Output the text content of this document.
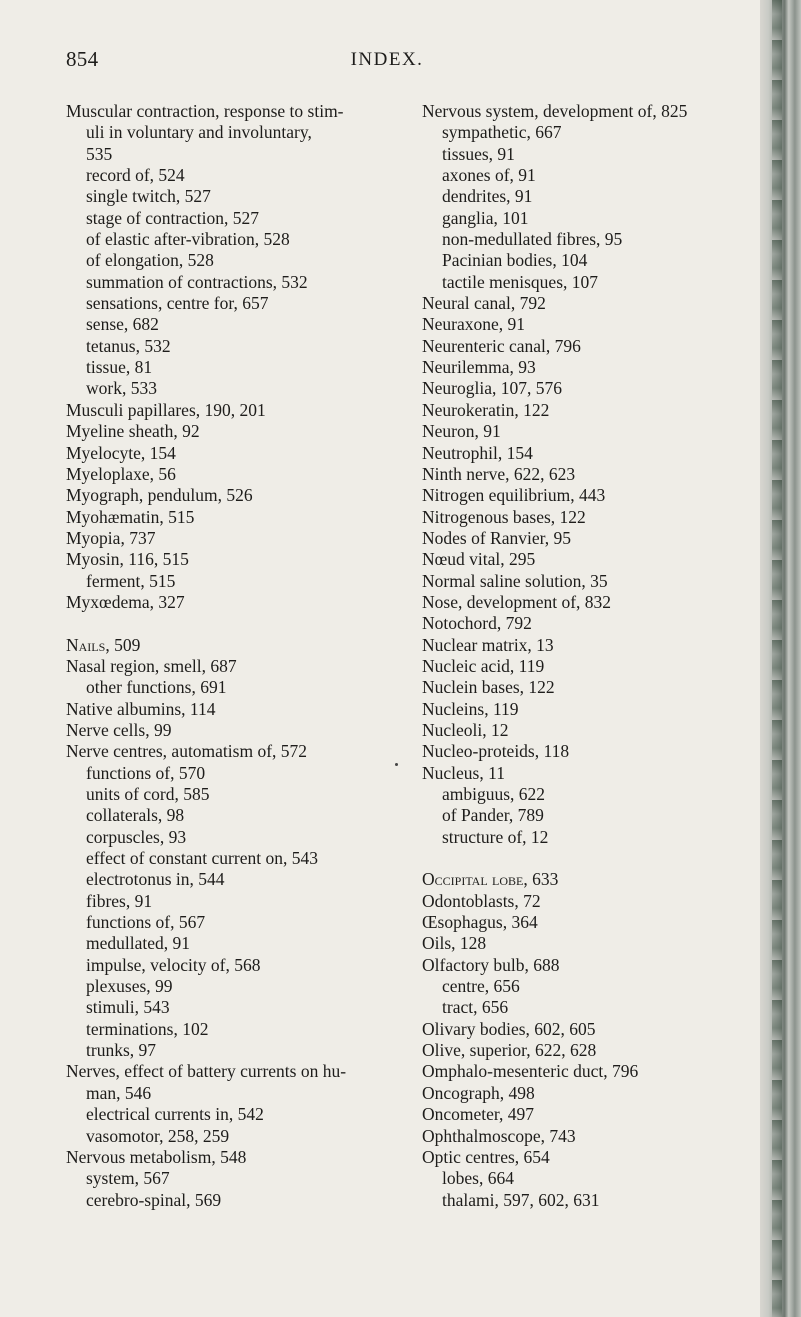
854	INDEX.
Muscular contraction, response to stim-
uli in voluntary and involuntary,
535
record of, 524
single twitch, 527
stage of contraction, 527
of elastic after-vibration, 528
of elongation, 528
summation of contractions, 532
sensations, centre for, 657
sense, 682
tetanus, 532
tissue, 81
work, 533
Musculi papillares, 190, 201
Myeline sheath, 92
Myelocyte, 154
Myeloplaxe, 56
Myograph, pendulum, 526
Myohæmatin, 515
Myopia, 737
Myosin, 116, 515
ferment, 515
Myxœdema, 327
Nails, 509
Nasal region, smell, 687
other functions, 691
Native albumins, 114
Nerve cells, 99
Nerve centres, automatism of, 572
functions of, 570
units of cord, 585
collaterals, 98
corpuscles, 93
effect of constant current on, 543
electrotonus in, 544
fibres, 91
functions of, 567
medullated, 91
impulse, velocity of, 568
plexuses, 99
stimuli, 543
terminations, 102
trunks, 97
Nerves, effect of battery currents on hu-
man, 546
electrical currents in, 542
vasomotor, 258, 259
Nervous metabolism, 548
system, 567
cerebro-spinal, 569
Nervous system, development of, 825
sympathetic, 667
tissues, 91
axones of, 91
dendrites, 91
ganglia, 101
non-medullated fibres, 95
Pacinian bodies, 104
tactile menisques, 107
Neural canal, 792
Neuraxone, 91
Neurenteric canal, 796
Neurilemma, 93
Neuroglia, 107, 576
Neurokeratin, 122
Neuron, 91
Neutrophil, 154
Ninth nerve, 622, 623
Nitrogen equilibrium, 443
Nitrogenous bases, 122
Nodes of Ranvier, 95
Nœud vital, 295
Normal saline solution, 35
Nose, development of, 832
Notochord, 792
Nuclear matrix, 13
Nucleic acid, 119
Nuclein bases, 122
Nucleins, 119
Nucleoli, 12
Nucleo-proteids, 118
Nucleus, 11
ambiguus, 622
of Pander, 789
structure of, 12
Occipital lobe, 633
Odontoblasts, 72
Œsophagus, 364
Oils, 128
Olfactory bulb, 688
centre, 656
tract, 656
Olivary bodies, 602, 605
Olive, superior, 622, 628
Omphalo-mesenteric duct, 796
Oncograph, 498
Oncometer, 497
Ophthalmoscope, 743
Optic centres, 654
lobes, 664
thalami, 597, 602, 631
